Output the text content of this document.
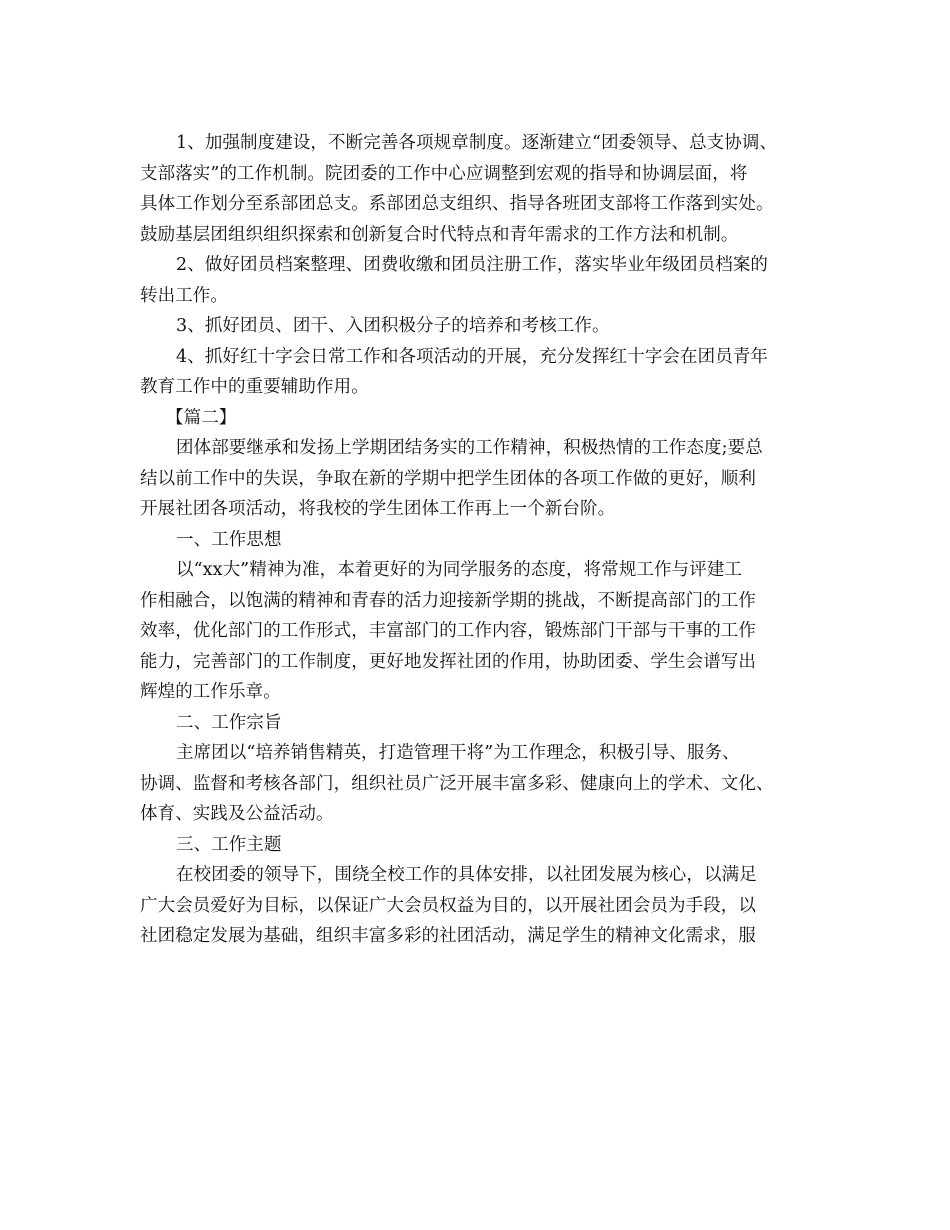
1、加强制度建设，不断完善各项规章制度。逐渐建立“团委领导、总支协调、
支部落实”的工作机制。院团委的工作中心应调整到宏观的指导和协调层面，将
具体工作划分至系部团总支。系部团总支组织、指导各班团支部将工作落到实处。
鼓励基层团组织组织探索和创新复合时代特点和青年需求的工作方法和机制。
2、做好团员档案整理、团费收缴和团员注册工作，落实毕业年级团员档案的
转出工作。
3、抓好团员、团干、入团积极分子的培养和考核工作。
4、抓好红十字会日常工作和各项活动的开展，充分发挥红十字会在团员青年
教育工作中的重要辅助作用。
【篇二】
团体部要继承和发扬上学期团结务实的工作精神，积极热情的工作态度;要总
结以前工作中的失误，争取在新的学期中把学生团体的各项工作做的更好，顺利
开展社团各项活动，将我校的学生团体工作再上一个新台阶。
一、工作思想
以“xx大”精神为准，本着更好的为同学服务的态度，将常规工作与评建工
作相融合，以饱满的精神和青春的活力迎接新学期的挑战，不断提高部门的工作
效率，优化部门的工作形式，丰富部门的工作内容，锻炼部门干部与干事的工作
能力，完善部门的工作制度，更好地发挥社团的作用，协助团委、学生会谱写出
辉煌的工作乐章。
二、工作宗旨
主席团以“培养销售精英，打造管理干将”为工作理念，积极引导、服务、
协调、监督和考核各部门，组织社员广泛开展丰富多彩、健康向上的学术、文化、
体育、实践及公益活动。
三、工作主题
在校团委的领导下，围绕全校工作的具体安排，以社团发展为核心，以满足
广大会员爱好为目标，以保证广大会员权益为目的，以开展社团会员为手段，以
社团稳定发展为基础，组织丰富多彩的社团活动，满足学生的精神文化需求，服
